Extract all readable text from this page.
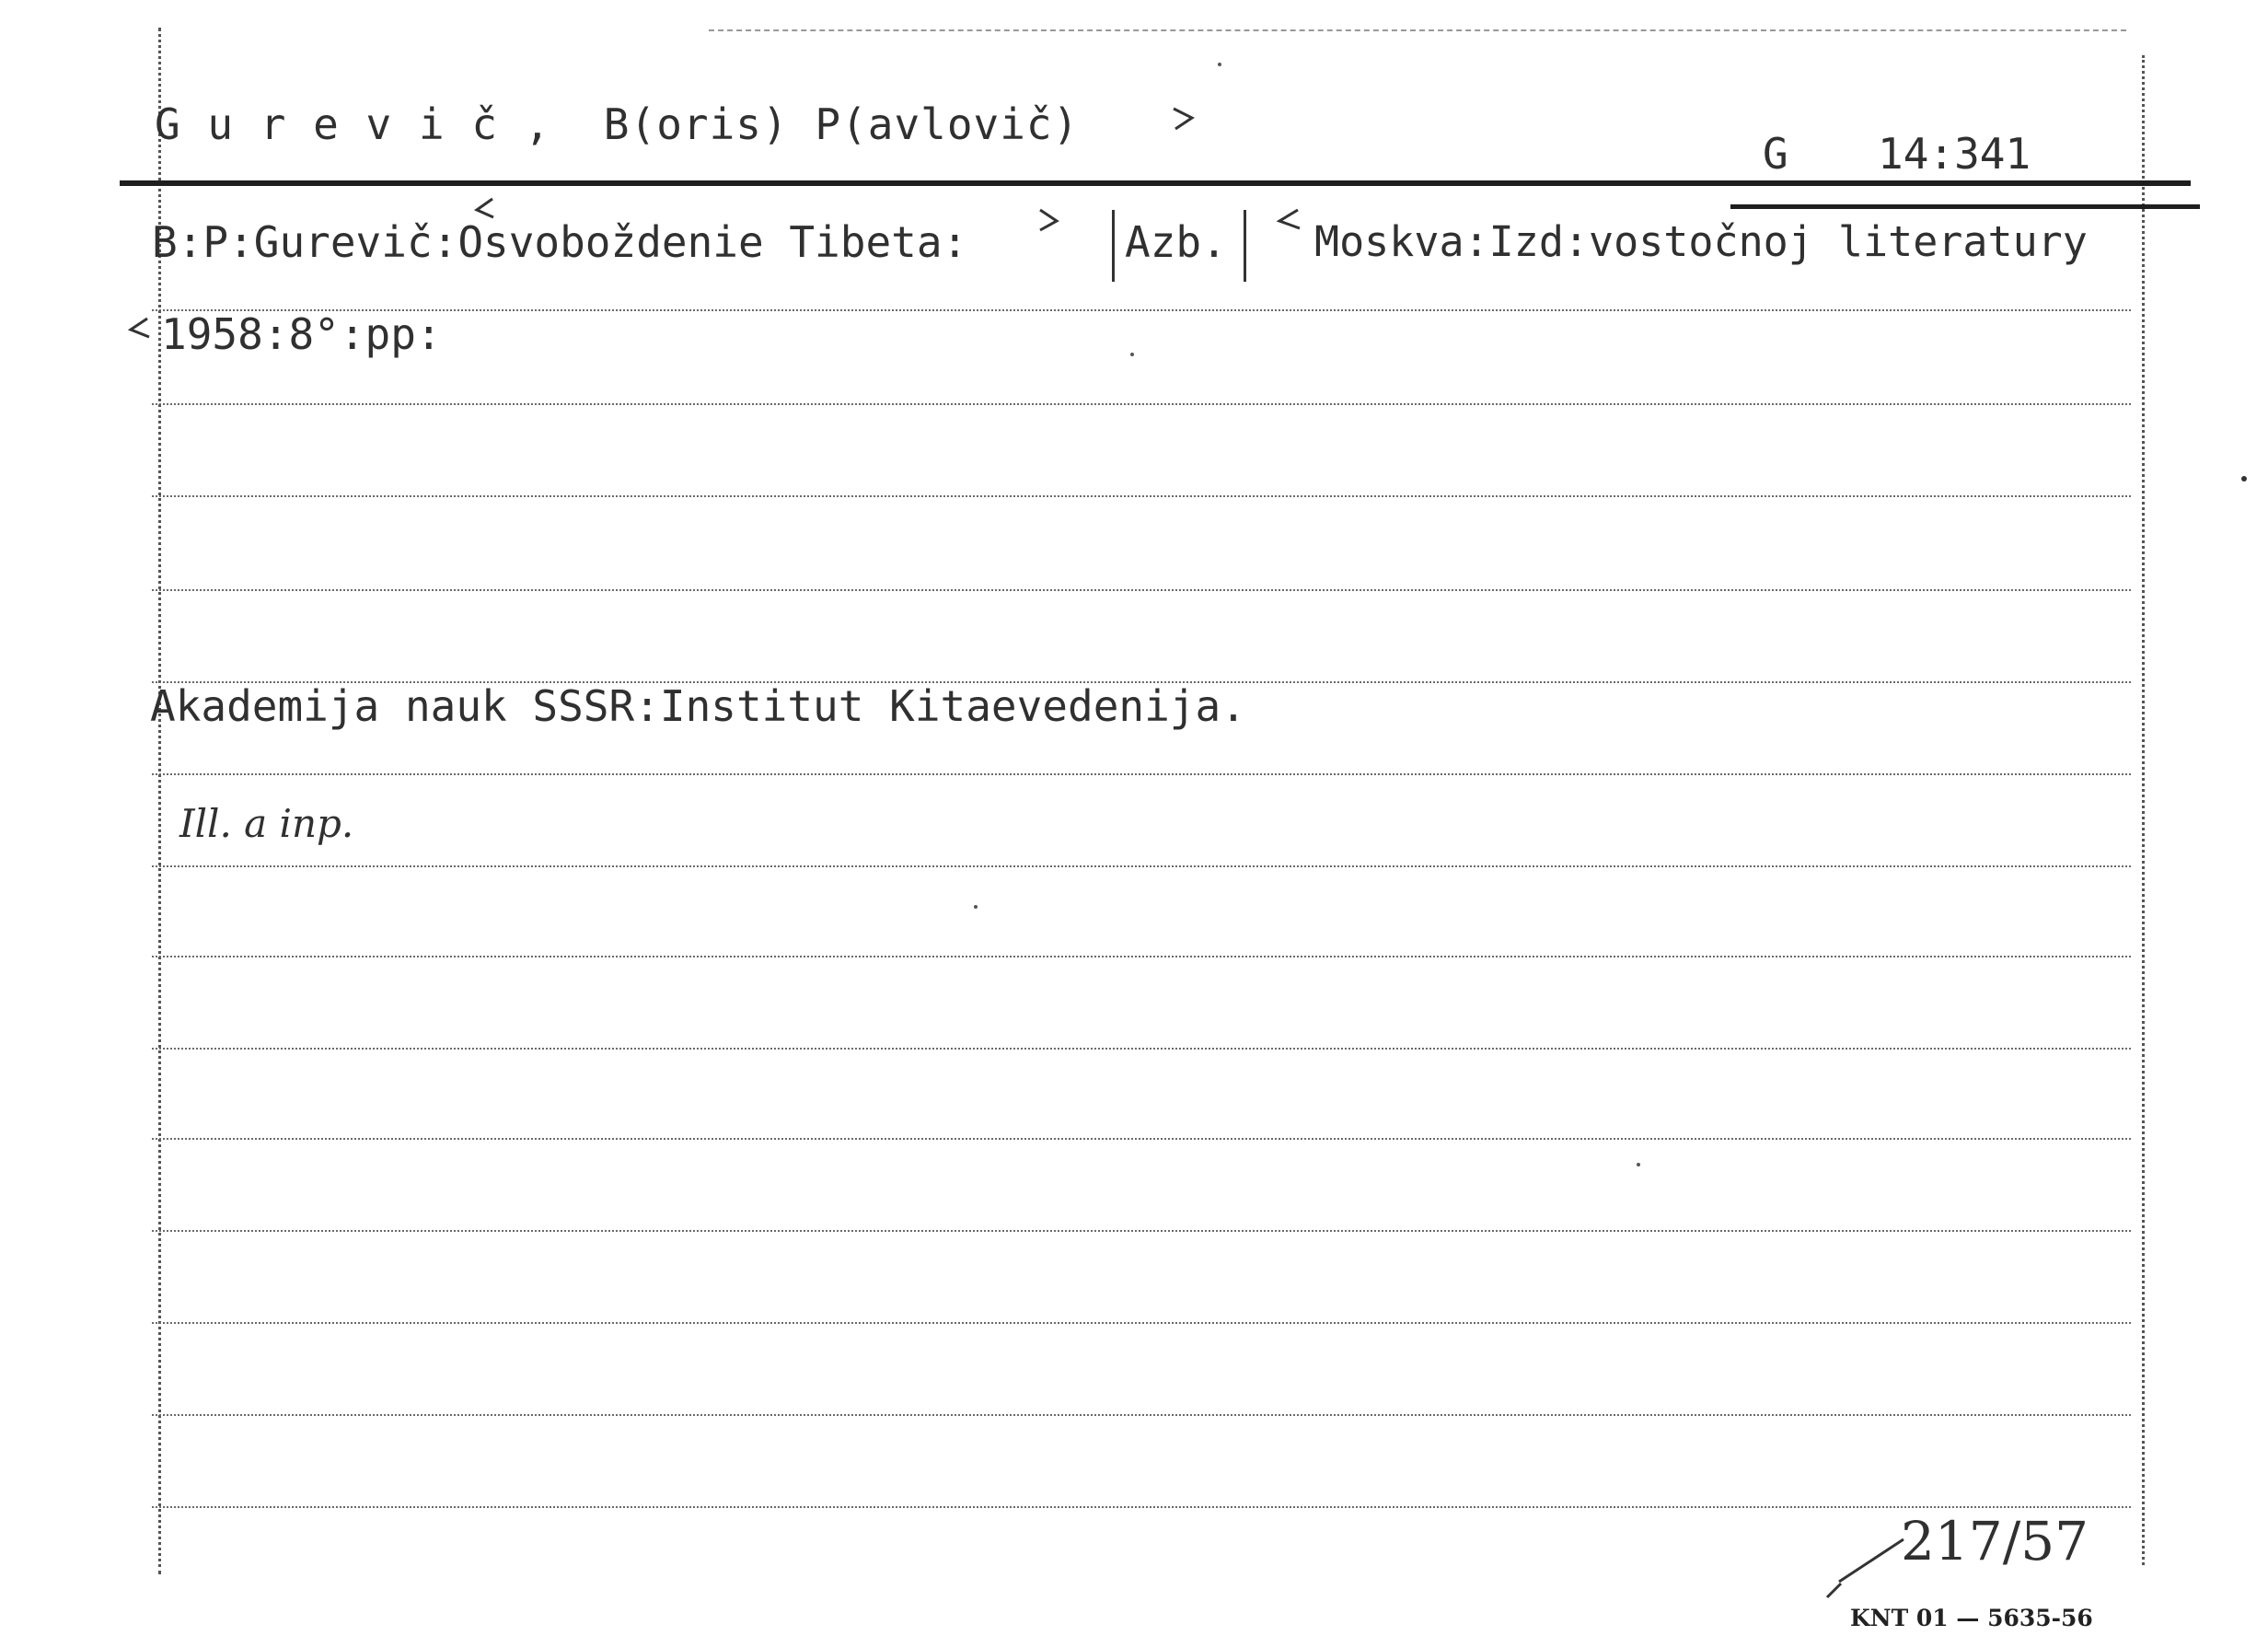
G u r e v i č ,  B(oris) P(avlovič)
G 14:341
B:P:Gurevič:Osvoboždenie Tibeta:	Azb. Moskva:Izd:vostočnoj literatury
1958:8°:pp:
Akademija nauk SSSR:Institut Kitaevedenija.
Ill. a inp.
217/57
KNT 01 — 5635-56
